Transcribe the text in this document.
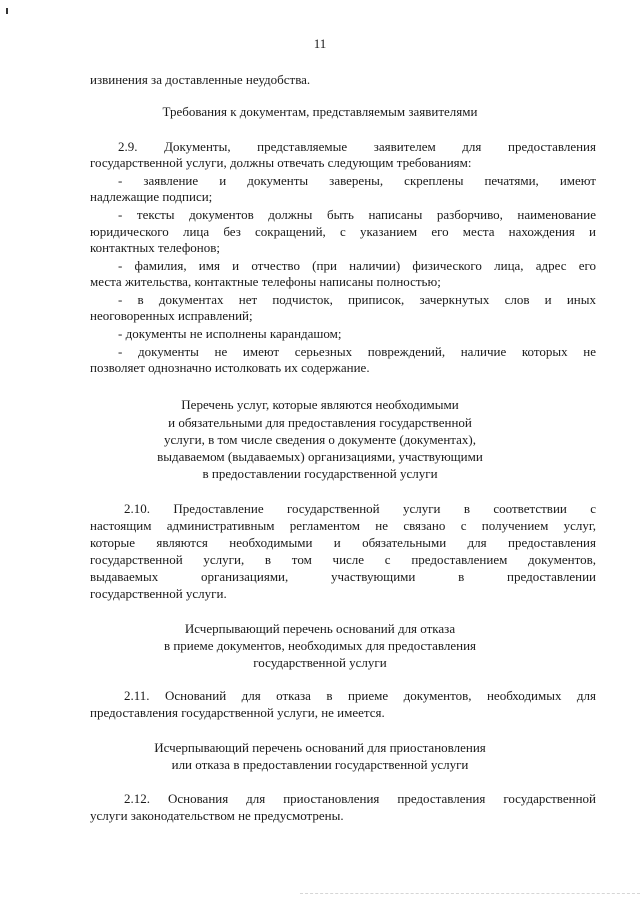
11
извинения за доставленные неудобства.
Требования к документам, представляемым заявителями
2.9. Документы, представляемые заявителем для предоставления
государственной услуги, должны отвечать следующим требованиям:
- заявление и документы заверены, скреплены печатями, имеют
надлежащие подписи;
- тексты документов должны быть написаны разборчиво, наименование
юридического лица без сокращений, с указанием его места нахождения и
контактных телефонов;
- фамилия, имя и отчество (при наличии) физического лица, адрес его
места жительства, контактные телефоны написаны полностью;
- в документах нет подчисток, приписок, зачеркнутых слов и иных
неоговоренных исправлений;
- документы не исполнены карандашом;
- документы не имеют серьезных повреждений, наличие которых не
позволяет однозначно истолковать их содержание.
Перечень услуг, которые являются необходимыми
и обязательными для предоставления государственной
услуги, в том числе сведения о документе (документах),
выдаваемом (выдаваемых) организациями, участвующими
в предоставлении государственной услуги
2.10. Предоставление государственной услуги в соответствии с
настоящим административным регламентом не связано с получением услуг,
которые являются необходимыми и обязательными для предоставления
государственной услуги, в том числе с предоставлением документов,
выдаваемых организациями, участвующими в предоставлении
государственной услуги.
Исчерпывающий перечень оснований для отказа
в приеме документов, необходимых для предоставления
государственной услуги
2.11. Оснований для отказа в приеме документов, необходимых для
предоставления государственной услуги, не имеется.
Исчерпывающий перечень оснований для приостановления
или отказа в предоставлении государственной услуги
2.12. Основания для приостановления предоставления государственной
услуги законодательством не предусмотрены.
